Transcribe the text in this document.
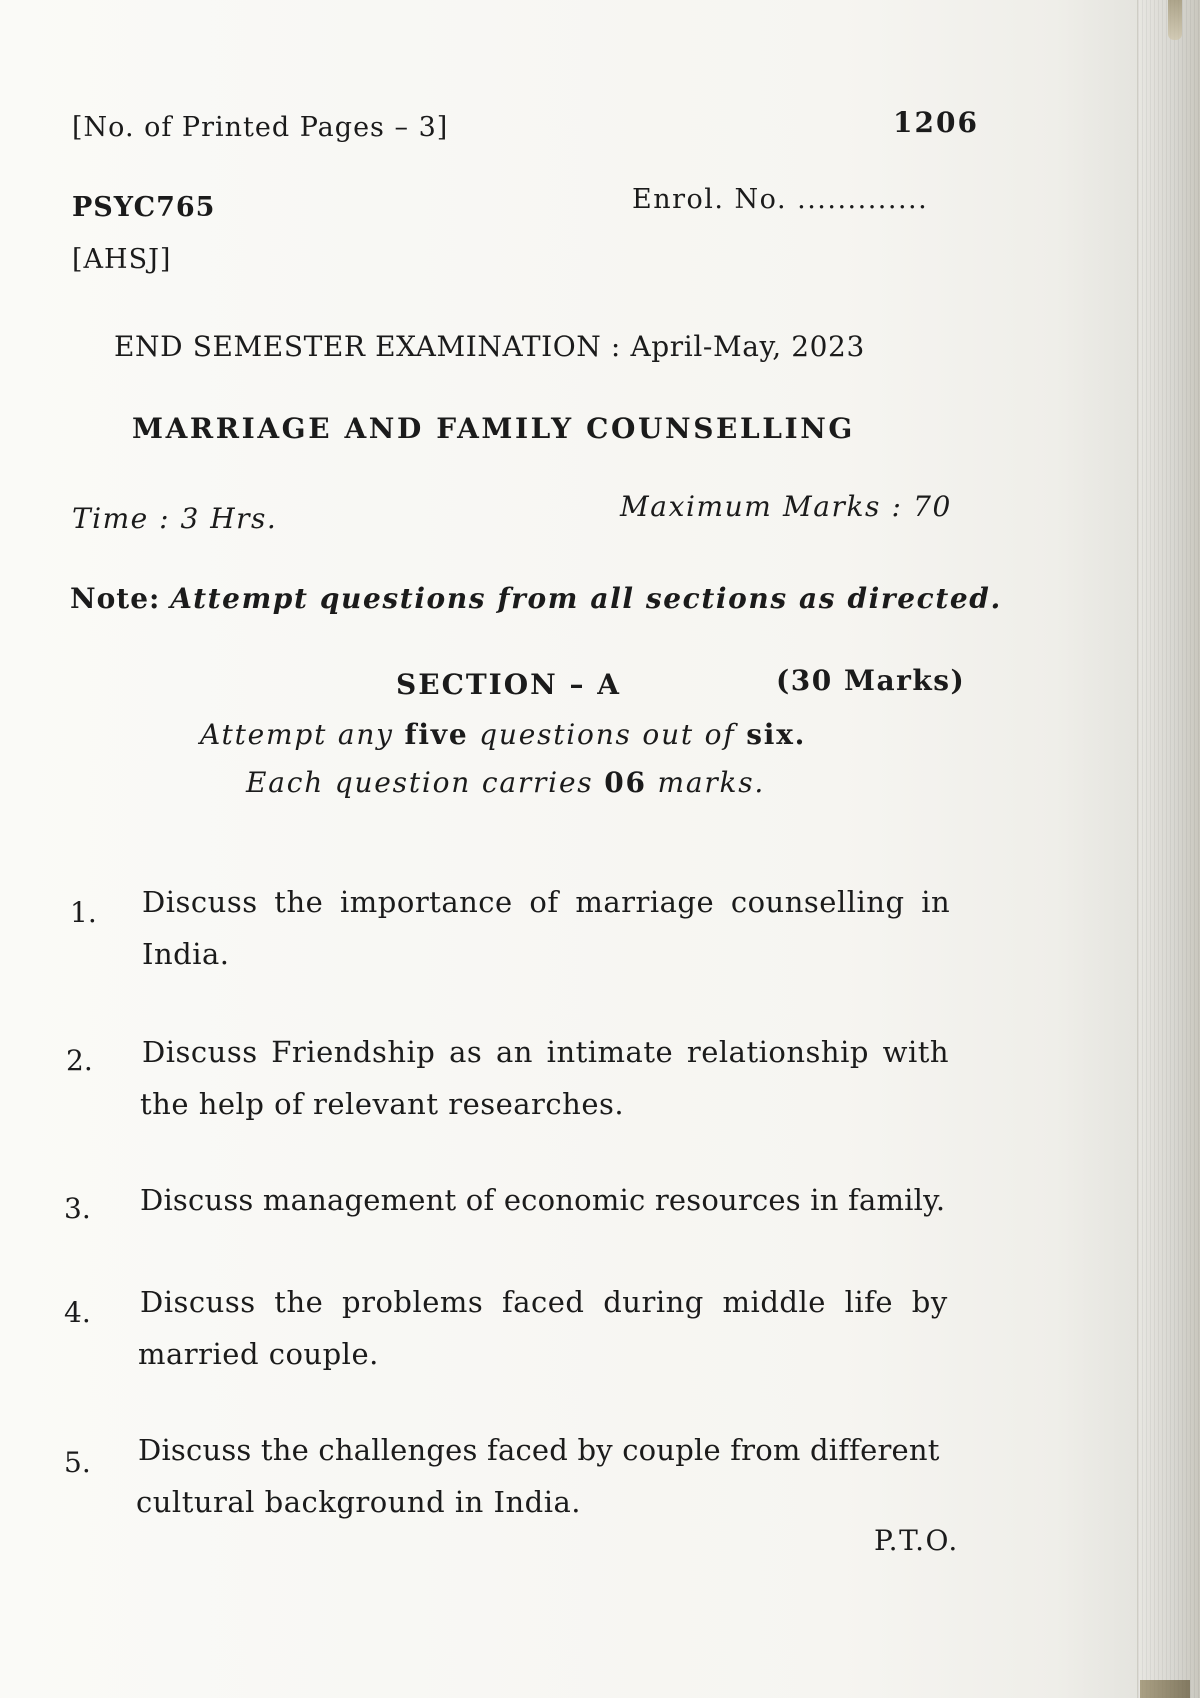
[No. of Printed Pages – 3]	1206
PSYC765	Enrol. No. .............
[AHSJ]
END SEMESTER EXAMINATION : April-May, 2023
MARRIAGE AND FAMILY COUNSELLING
Time : 3 Hrs.	Maximum Marks : 70
Note: Attempt questions from all sections as directed.
SECTION – A	(30 Marks)
Attempt any five questions out of six.
Each question carries 06 marks.
1. Discuss the importance of marriage counselling in
India.
2. Discuss Friendship as an intimate relationship with
the help of relevant researches.
3. Discuss management of economic resources in family.
4. Discuss the problems faced during middle life by
married couple.
5. Discuss the challenges faced by couple from different
cultural background in India.
P.T.O.
